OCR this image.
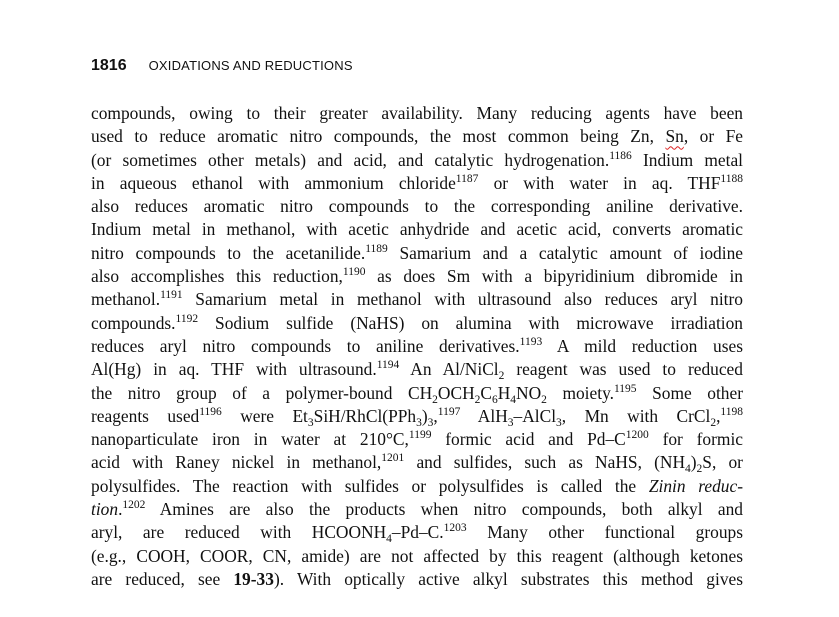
1816 OXIDATIONS AND REDUCTIONS
compounds, owing to their greater availability. Many reducing agents have been
used to reduce aromatic nitro compounds, the most common being Zn, Sn, or Fe
(or sometimes other metals) and acid, and catalytic hydrogenation.$^{1186}$ Indium metal
in aqueous ethanol with ammonium chloride$^{1187}$ or with water in aq. $THF^{1188}$
also reduces aromatic nitro compounds to the corresponding aniline derivative.
Indium metal in methanol, with acetic anhydride and acetic acid, converts aromatic
nitro compounds to the acetanilide.$^{1189}$ Samarium and a catalytic amount of iodine
also accomplishes this reduction,$^{1190}$ as does Sm with a bipyridinium dibromide in
methanol.$^{1191}$ Samarium metal in methanol with ultrasound also reduces aryl nitro
compounds.$^{1192}$ Sodium sulfide (NaHS) on alumina with microwave irradiation
reduces aryl nitro compounds to aniline derivatives.$^{1193}$ A mild reduction uses
Al(Hg) in aq. THF with ultrasound.$^{1194}$ An Al/NiCl$_2$ reagent was used to reduced
the nitro group of a polymer-bound $CH_2OCH_2C_6H_4NO_2$ moiety.$^{1195}$ Some other
reagents used$^{1196}$ were $Et_3SiH/RhCl(PPh_3)_3,^{1197}$ AlH$_3$–AlCl$_3$, Mn with CrCl$_2$,$^{1198}$
nanoparticulate iron in water at 210°C,$^{1199}$ formic acid and $Pd-C^{1200}$ for formic
acid with Raney nickel in methanol,$^{1201}$ and sulfides, such as NaHS, $(NH_4)_2S$, or
polysulfides. The reaction with sulfides or polysulfides is called the Zinin reduc-
tion.$^{1202}$ Amines are also the products when nitro compounds, both alkyl and
aryl, are reduced with $HCOONH_4-Pd-C.^{1203}$ Many other functional groups
(e.g., COOH, COOR, CN, amide) are not affected by this reagent (although ketones
are reduced, see 19-33). With optically active alkyl substrates this method gives
